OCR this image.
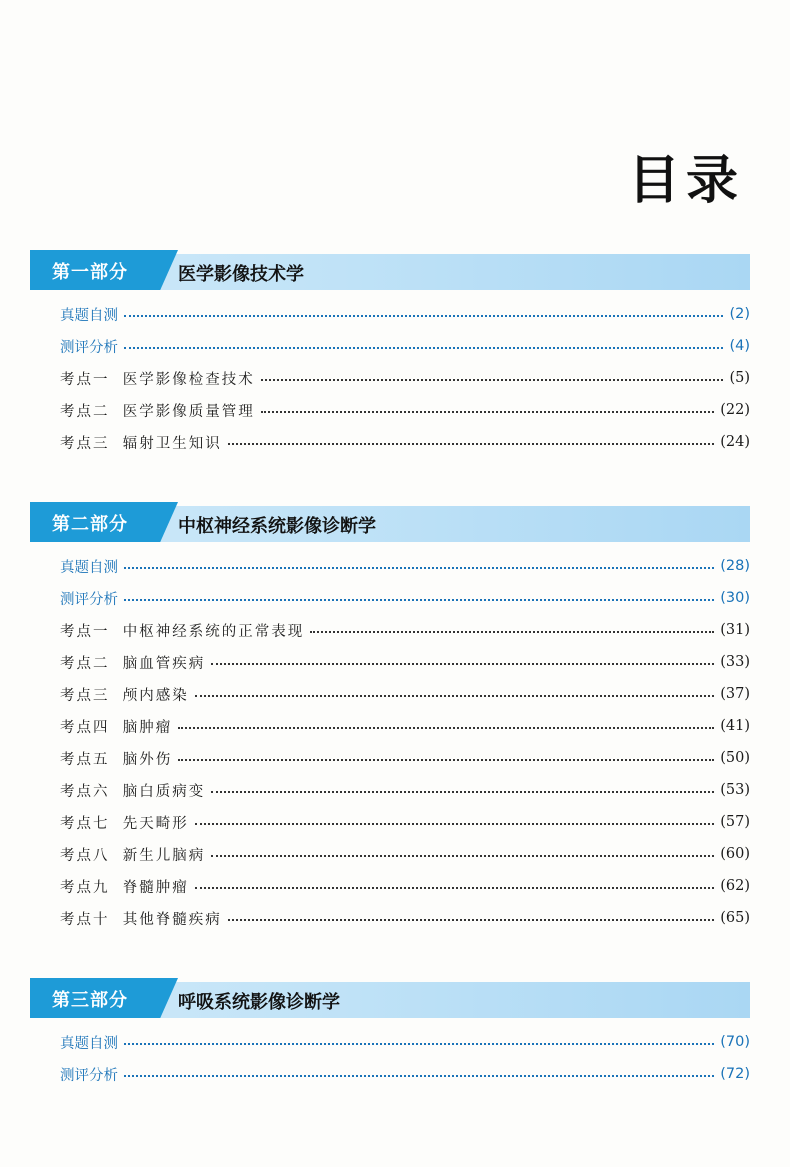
目录
第一部分	医学影像技术学
真题自测	(2)
测评分析	(4)
考点一  医学影像检查技术	(5)
考点二  医学影像质量管理	(22)
考点三  辐射卫生知识	(24)
第二部分	中枢神经系统影像诊断学
真题自测	(28)
测评分析	(30)
考点一  中枢神经系统的正常表现	(31)
考点二  脑血管疾病	(33)
考点三  颅内感染	(37)
考点四  脑肿瘤	(41)
考点五  脑外伤	(50)
考点六  脑白质病变	(53)
考点七  先天畸形	(57)
考点八  新生儿脑病	(60)
考点九  脊髓肿瘤	(62)
考点十  其他脊髓疾病	(65)
第三部分	呼吸系统影像诊断学
真题自测	(70)
测评分析	(72)
